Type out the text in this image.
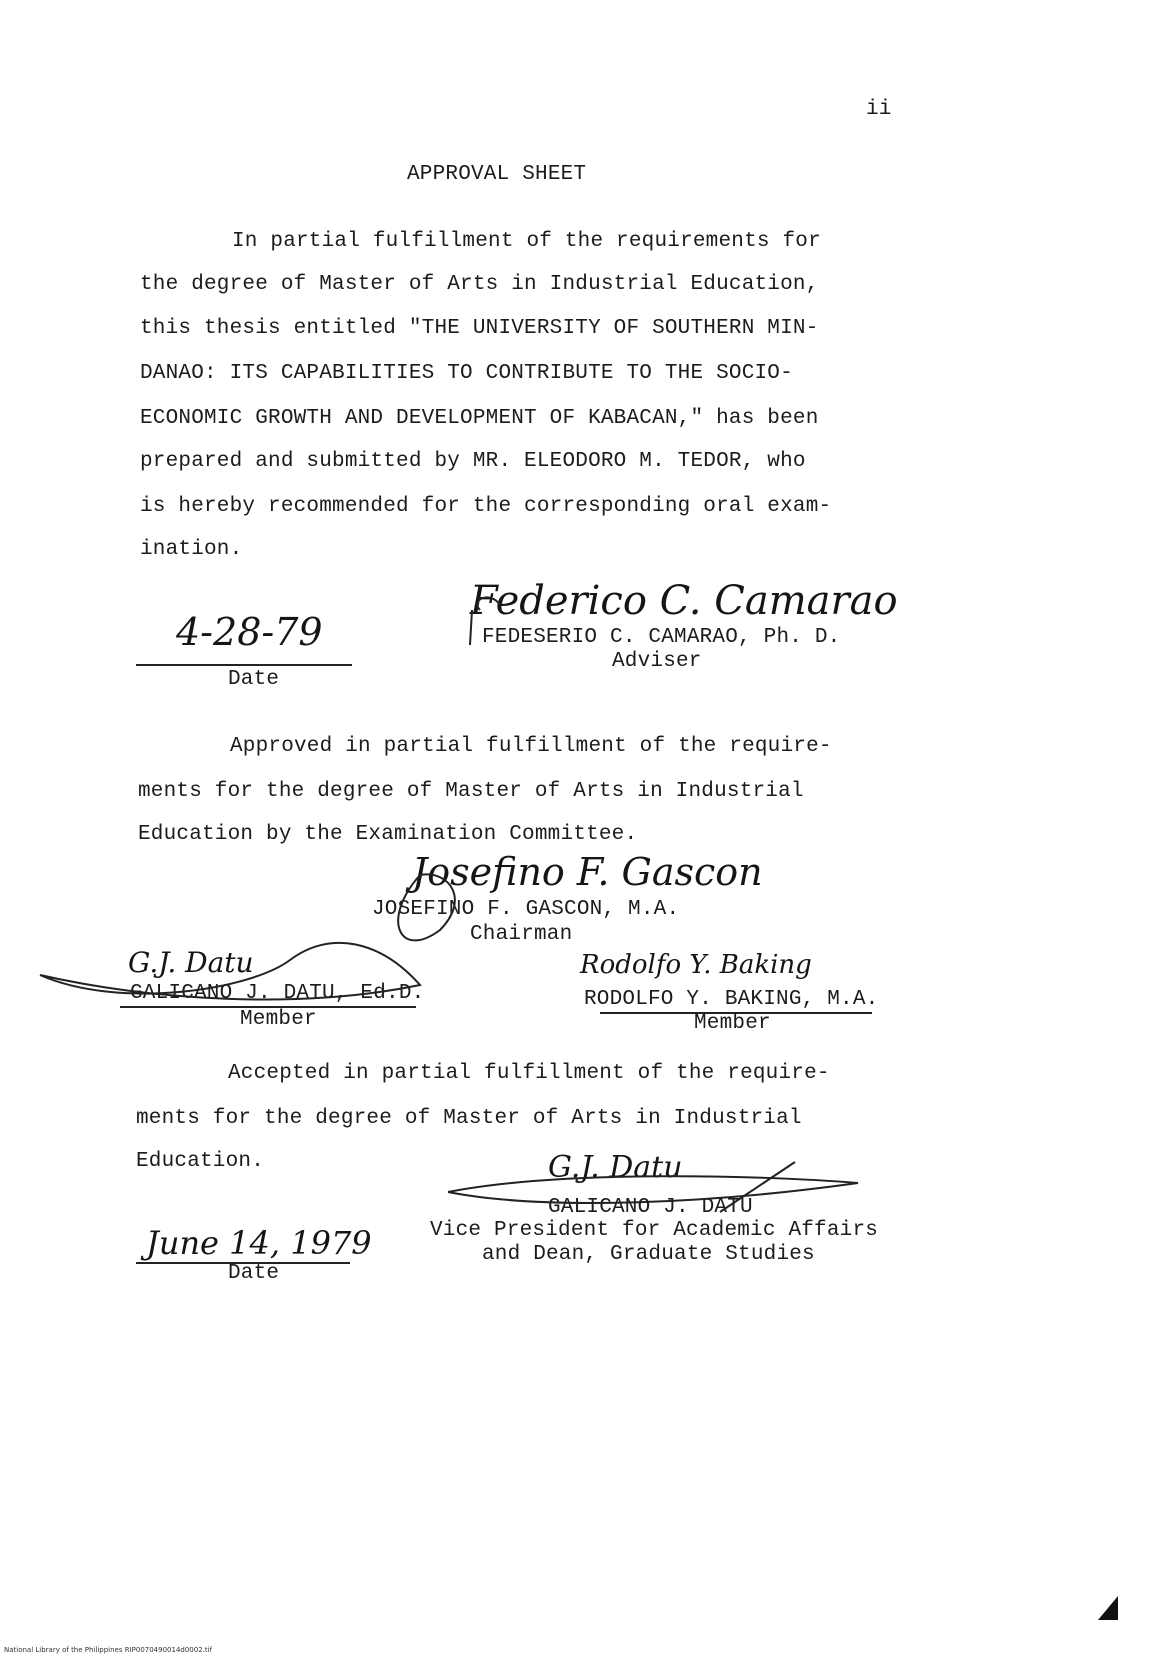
ii
APPROVAL SHEET
In partial fulfillment of the requirements for
the degree of Master of Arts in Industrial Education,
this thesis entitled "THE UNIVERSITY OF SOUTHERN MIN-
DANAO: ITS CAPABILITIES TO CONTRIBUTE TO THE SOCIO-
ECONOMIC GROWTH AND DEVELOPMENT OF KABACAN," has been
prepared and submitted by MR. ELEODORO M. TEDOR, who
is hereby recommended for the corresponding oral exam-
ination.
4-28-79
Date
Federico C. Camarao
FEDESERIO C. CAMARAO, Ph. D.
Adviser
Approved in partial fulfillment of the require-
ments for the degree of Master of Arts in Industrial
Education by the Examination Committee.
Josefino F. Gascon
JOSEFINO F. GASCON, M.A.
Chairman
G.J. Datu
GALICANO J. DATU, Ed.D.
Member
Rodolfo Y. Baking
RODOLFO Y. BAKING, M.A.
Member
Accepted in partial fulfillment of the require-
ments for the degree of Master of Arts in Industrial
Education.	G.J. Datu
GALICANO J. DATU
Vice President for Academic Affairs
and Dean, Graduate Studies
June 14, 1979
Date
National Library of the Philippines RIP0070490014d0002.tif
